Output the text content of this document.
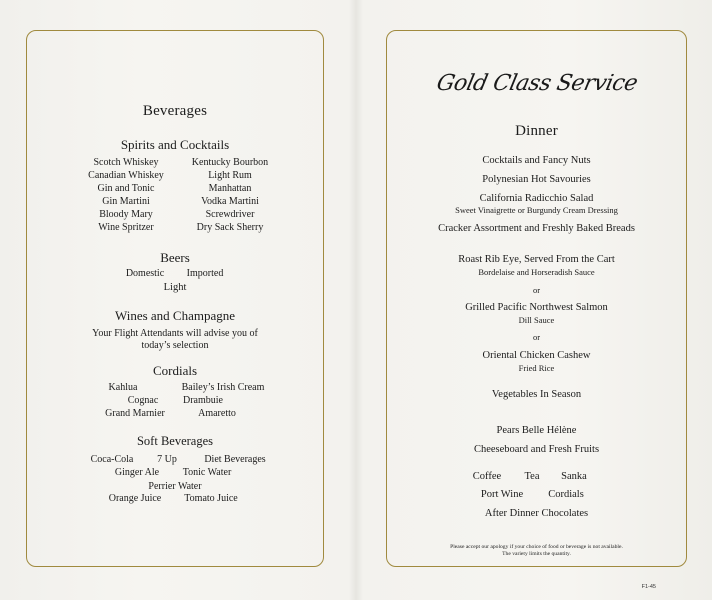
Beverages
Spirits and Cocktails
Scotch Whiskey	Kentucky Bourbon
Canadian Whiskey	Light Rum
Gin and Tonic	Manhattan
Gin Martini	Vodka Martini
Bloody Mary	Screwdriver
Wine Spritzer	Dry Sack Sherry
Beers
Domestic	Imported
Light
Wines and Champagne
Your Flight Attendants will advise you of
today’s selection
Cordials
Kahlua	Bailey’s Irish Cream
Cognac	Drambuie
Grand Marnier	Amaretto
Soft Beverages
Coca-Cola	7 Up	Diet Beverages
Ginger Ale	Tonic Water
Perrier Water
Orange Juice	Tomato Juice
Gold Class Service
Dinner
Cocktails and Fancy Nuts
Polynesian Hot Savouries
California Radicchio Salad
Sweet Vinaigrette or Burgundy Cream Dressing
Cracker Assortment and Freshly Baked Breads
Roast Rib Eye, Served From the Cart
Bordelaise and Horseradish Sauce
or
Grilled Pacific Northwest Salmon
Dill Sauce
or
Oriental Chicken Cashew
Fried Rice
Vegetables In Season
Pears Belle Hélène
Cheeseboard and Fresh Fruits
Coffee	Tea	Sanka
Port Wine	Cordials
After Dinner Chocolates
Please accept our apology if your choice of food or beverage is not available.
The variety limits the quantity.
F1-45
